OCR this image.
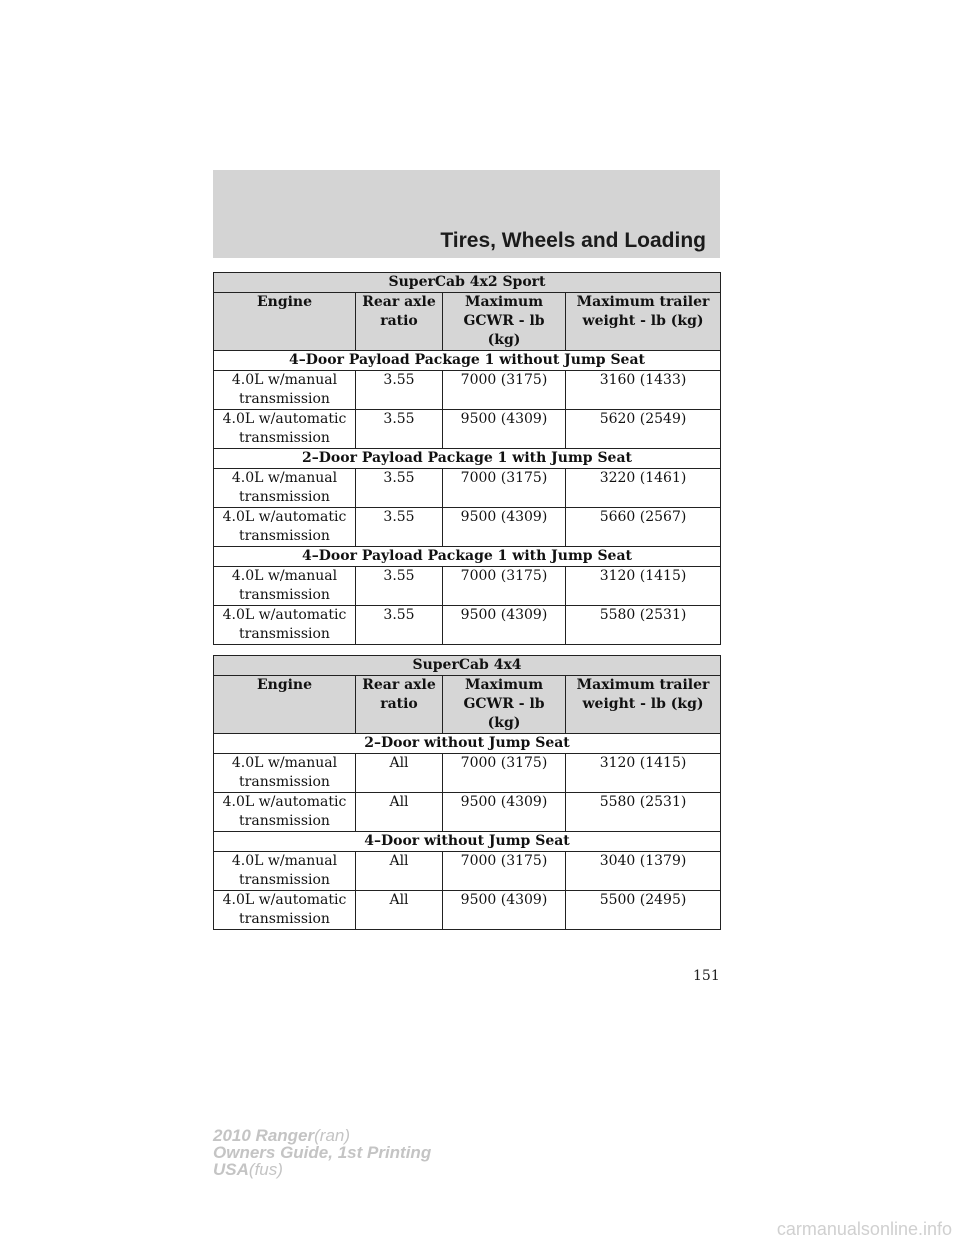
Tires, Wheels and Loading
SuperCab 4x2 Sport			
Engine	Rear axle ratio	Maximum GCWR - lb (kg)	Maximum trailer weight - lb (kg)
4–Door Payload Package 1 without Jump Seat			
4.0L w/manual transmission	3.55	7000 (3175)	3160 (1433)
4.0L w/automatic transmission	3.55	9500 (4309)	5620 (2549)
2–Door Payload Package 1 with Jump Seat			
4.0L w/manual transmission	3.55	7000 (3175)	3220 (1461)
4.0L w/automatic transmission	3.55	9500 (4309)	5660 (2567)
4–Door Payload Package 1 with Jump Seat			
4.0L w/manual transmission	3.55	7000 (3175)	3120 (1415)
4.0L w/automatic transmission	3.55	9500 (4309)	5580 (2531)
SuperCab 4x4			
Engine	Rear axle ratio	Maximum GCWR - lb (kg)	Maximum trailer weight - lb (kg)
2–Door without Jump Seat			
4.0L w/manual transmission	All	7000 (3175)	3120 (1415)
4.0L w/automatic transmission	All	9500 (4309)	5580 (2531)
4–Door without Jump Seat			
4.0L w/manual transmission	All	7000 (3175)	3040 (1379)
4.0L w/automatic transmission	All	9500 (4309)	5500 (2495)
151
2010 Ranger(ran)
Owners Guide, 1st Printing
USA(fus)
carmanualsonline.info
